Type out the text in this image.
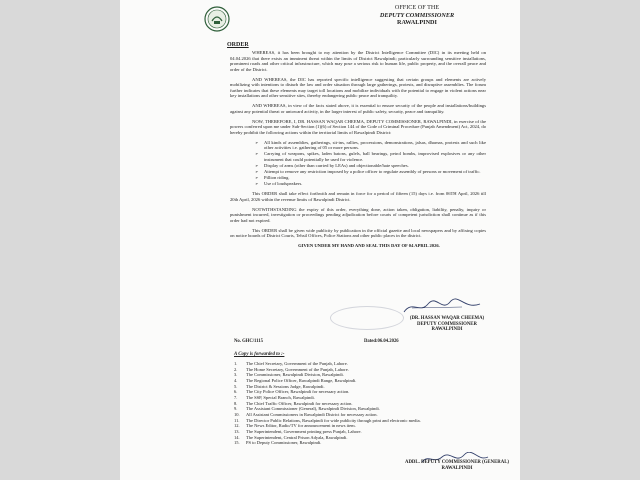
OFFICE OF THE
DEPUTY COMMISSIONER
RAWALPINDI
ORDER

WHEREAS, it has been brought to my attention by the District Intelligence Committee (DIC) in its meeting held on 04.04.2026 that there exists an imminent threat within the limits of District Rawalpindi; particularly surrounding sensitive installations, prominent roads and other critical infrastructure, which may pose a serious risk to human life, public property, and the overall peace and order of the District.

AND WHEREAS, the DIC has reported specific intelligence suggesting that certain groups and elements are actively mobilizing with intentions to disturb the law and order situation through large gatherings, protests, and disruptive assemblies. The forum further indicates that these elements may target toll locations and mobilize individuals with the potential to engage in violent actions near key installations and other sensitive sites, thereby endangering public peace and tranquility.

AND WHEREAS, in view of the facts stated above, it is essential to ensure security of the people and installations/buildings against any potential threat or untoward activity, in the larger interest of public safety, security, peace and tranquility.

NOW, THEREFORE, I, DR. HASSAN WAQAR CHEEMA, DEPUTY COMMISSIONER, RAWALPINDI, in exercise of the powers conferred upon me under Sub-Section (1)(6) of Section 144 of the Code of Criminal Procedure (Punjab Amendment) Act, 2024, do hereby prohibit the following actions within the territorial limits of Rawalpindi District:

➢ All kinds of assemblies, gatherings, sit-ins, rallies, processions, demonstrations, jalsas, dharnas, protests and such like other activities i.e. gathering of 05 or more persons.
➢ Carrying of weapons, spikes, laden batons, gulels, ball bearings, petrol bombs, improvised explosives or any other instrument that could potentially be used for violence.
➢ Display of arms (other than carried by LEAs) and objectionable/hate speeches.
➢ Attempt to remove any restriction imposed by a police officer to regulate assembly of persons or movement of traffic.
➢ Pillion riding.
➢ Use of loudspeakers.

This ORDER shall take effect forthwith and remain in force for a period of fifteen (15) days i.e. from 06TH April, 2026 till 20th April, 2026 within the revenue limits of Rawalpindi District.

NOTWITHSTANDING the expiry of this order, everything done, action taken, obligation, liability, penalty, inquiry or punishment incurred, investigation or proceedings pending adjudication before courts of competent jurisdiction shall continue as if this order had not expired.

This ORDER shall be given wide publicity by publication in the official gazette and local newspapers and by affixing copies on notice boards of District Courts, Tehsil Offices, Police Stations and other public places in the district.

GIVEN UNDER MY HAND AND SEAL THIS DAY OF 04 APRIL 2026.

(DR. HASSAN WAQAR CHEEMA)
DEPUTY COMMISSIONER
RAWALPINDI
No. GHC/1115	Dated:06.04.2026
A Copy is forwarded to :-
1. The Chief Secretary, Government of the Punjab, Lahore.
2. The Home Secretary, Government of the Punjab, Lahore.
3. The Commissioner, Rawalpindi Division, Rawalpindi.
4. The Regional Police Officer, Rawalpindi Range, Rawalpindi.
5. The District & Sessions Judge, Rawalpindi.
6. The City Police Officer, Rawalpindi for necessary action.
7. The SSP, Special Branch, Rawalpindi.
8. The Chief Traffic Officer, Rawalpindi for necessary action.
9. The Assistant Commissioner (General), Rawalpindi Division, Rawalpindi.
10. All Assistant Commissioners in Rawalpindi District for necessary action.
11. The Director Public Relations, Rawalpindi for wide publicity through print and electronic media.
12. The News Editor, Radio/TV for announcement in news item.
13. The Superintendent, Government printing press Punjab, Lahore.
14. The Superintendent, Central Prison Adyala, Rawalpindi.
15. PS to Deputy Commissioner, Rawalpindi.
ADDL. DEPUTY COMMISSIONER (GENERAL)
RAWALPINDI
